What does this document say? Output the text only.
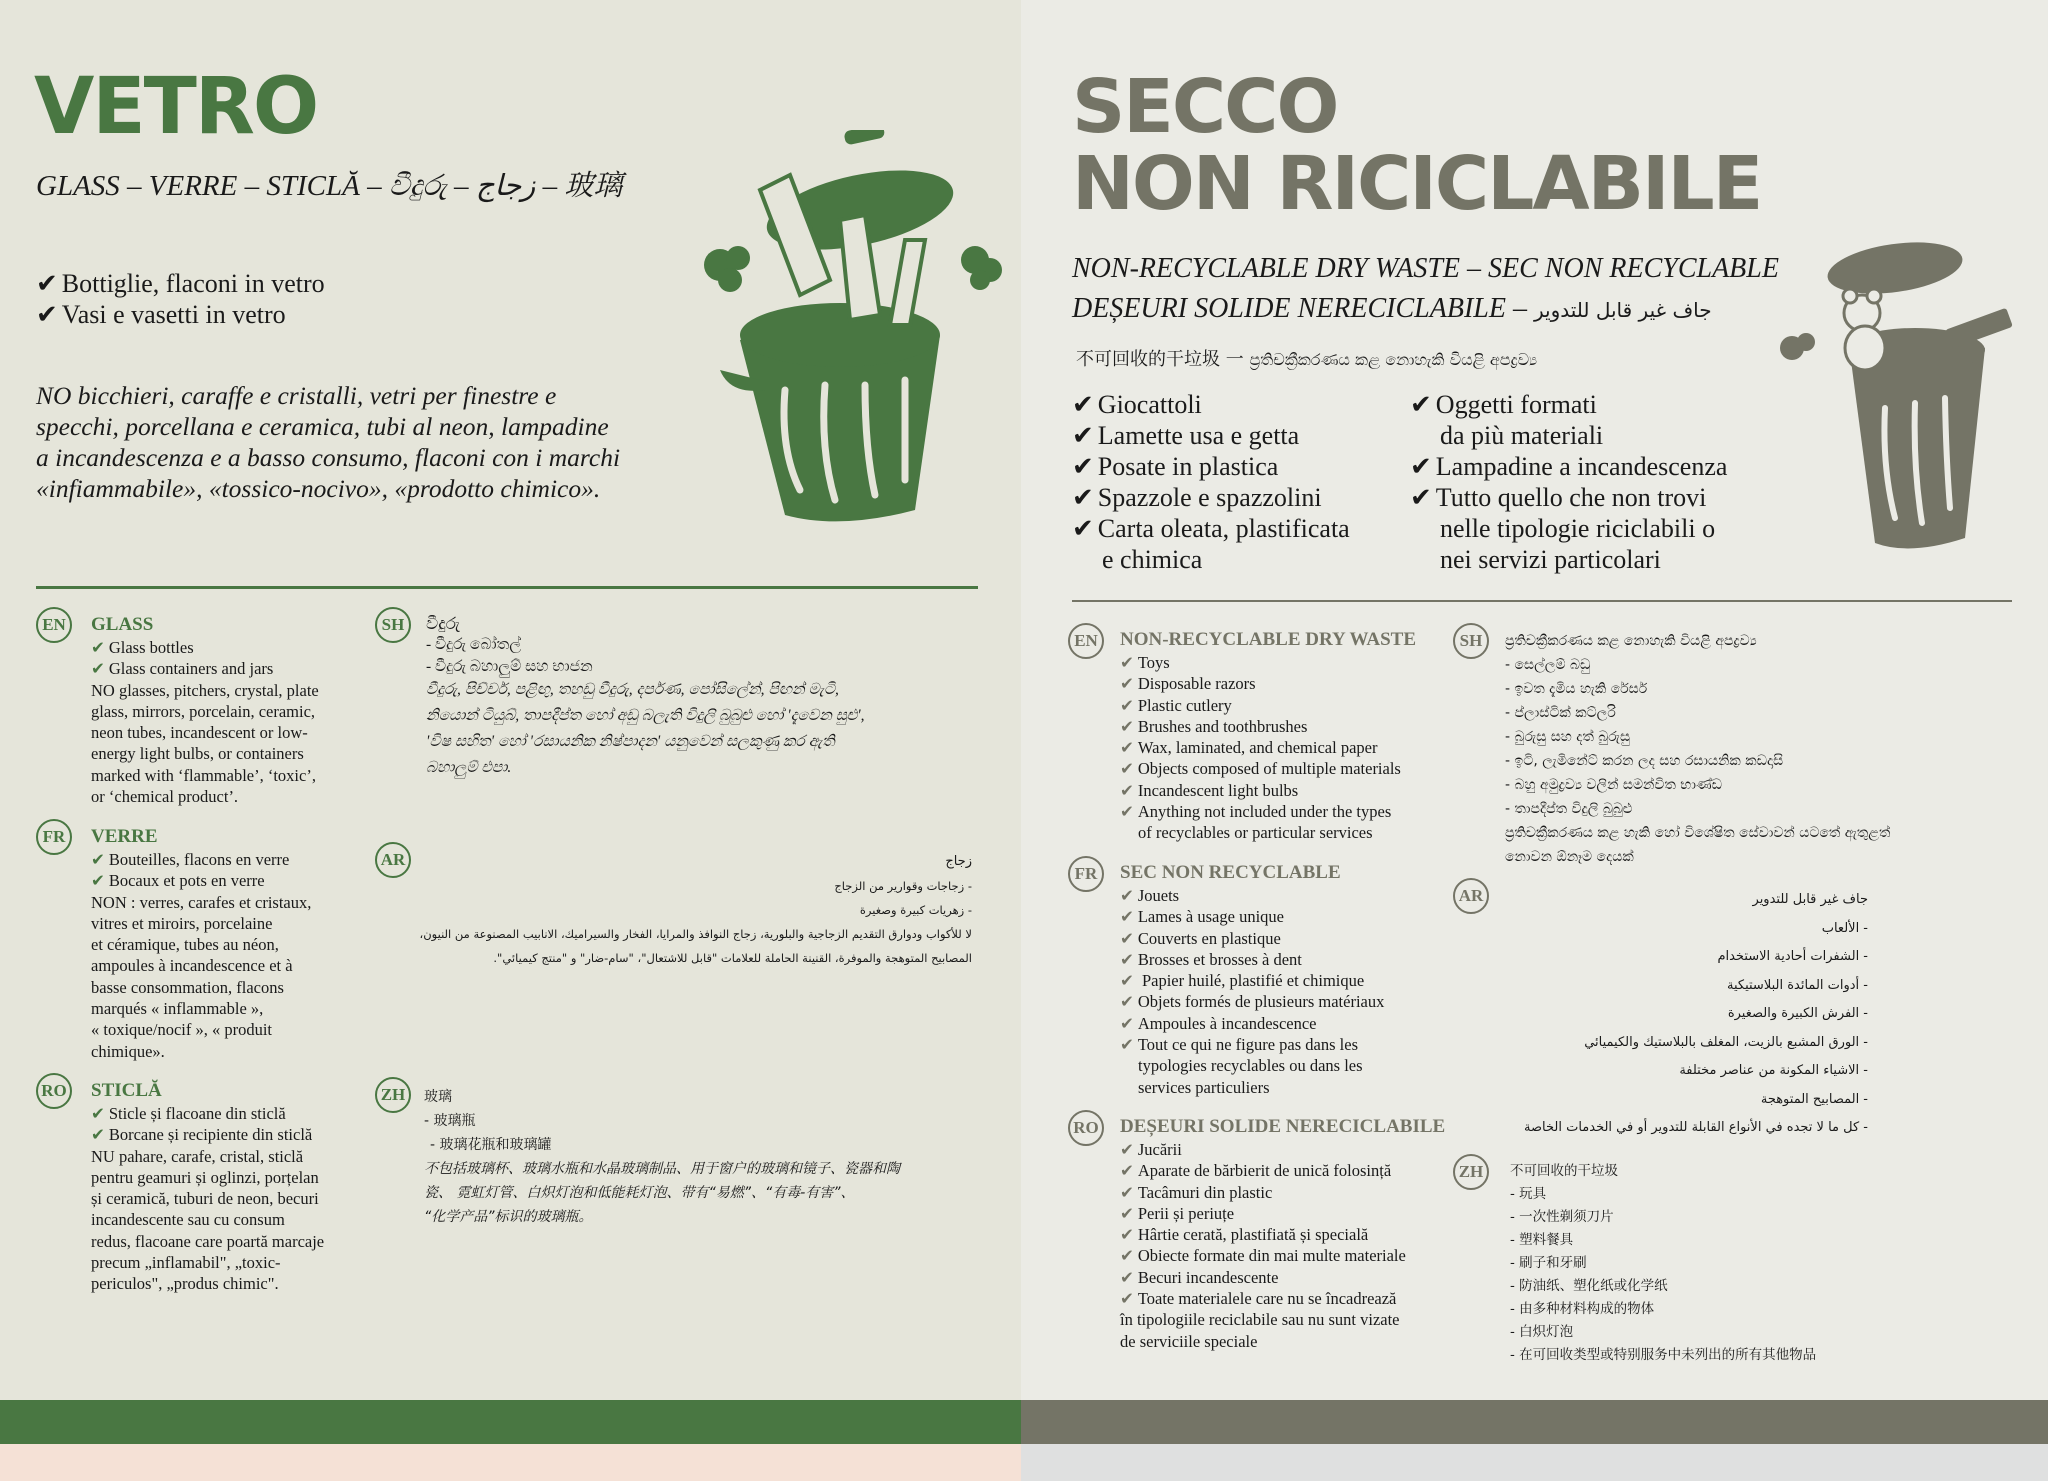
VETRO
GLASS – VERRE – STICLĂ – වීදුරු – زجاج – 玻璃
✔ Bottiglie, flaconi in vetro
✔ Vasi e vasetti in vetro
NO bicchieri, caraffe e cristalli, vetri per finestre e
specchi, porcellana e ceramica, tubi al neon, lampadine
a incandescenza e a basso consumo, flaconi con i marchi
«infiammabile», «tossico-nocivo», «prodotto chimico».
EN	GLASS
✔ Glass bottles
✔ Glass containers and jars
NO glasses, pitchers, crystal, plate
glass, mirrors, porcelain, ceramic,
neon tubes, incandescent or low-
energy light bulbs, or containers
marked with ‘flammable’, ‘toxic’,
or ‘chemical product’.
FR	VERRE
✔ Bouteilles, flacons en verre
✔ Bocaux et pots en verre
NON : verres, carafes et cristaux,
vitres et miroirs, porcelaine
et céramique, tubes au néon,
ampoules à incandescence et à
basse consommation, flacons
marqués « inflammable »,
« toxique/nocif », « produit
chimique».
RO STICLĂ
✔ Sticle și flacoane din sticlă
✔ Borcane și recipiente din sticlă
NU pahare, carafe, cristal, sticlă
pentru geamuri și oglinzi, porțelan
și ceramică, tuburi de neon, becuri
incandescente sau cu consum
redus, flacoane care poartă marcaje
precum „inflamabil", „toxic-
periculos", „produs chimic".
SH	වීදුරු
- වීදුරු බෝතල්
- වීදුරු බහාලුම් සහ භාජන
වීදුරු, පිච්චර්, පළිඟු, තහඩු වීදුරු, දර්පණ, පෝසිලේන්, පිඟන් මැටි,
නියොන් ටියුබ්, තාපදීප්ත හෝ අඩු බලැති විදුලි බුබුළු හෝ 'දැවෙන සුළු',
'විෂ සහිත' හෝ 'රසායනික නිෂ්පාදන' යනුවෙන් සලකුණු කර ඇති
බහාලුම් එපා.
AR	زجاج
- زجاجات وقوارير من الزجاج
- زهريات كبيرة وصغيرة
لا للأكواب ودوارق التقديم الزجاجية والبلورية، زجاج النوافذ والمرايا، الفخار والسيراميك، الانابيب المصنوعة من النيون،
المصابيح المتوهجة والموفرة، القنينة الحاملة للعلامات "قابل للاشتعال"، "سام-ضار" و "منتج كيميائي".
ZH	玻璃
- 玻璃瓶
- 玻璃花瓶和玻璃罐
不包括玻璃杯、玻璃水瓶和水晶玻璃制品、用于窗户的玻璃和镜子、瓷器和陶
瓷、 霓虹灯管、白炽灯泡和低能耗灯泡、带有“易燃”、“有毒-有害”、
“化学产品”标识的玻璃瓶。
SECCO
NON RICICLABILE
NON-RECYCLABLE DRY WASTE – SEC NON RECYCLABLE
DEȘEURI SOLIDE NERECICLABILE – جاف غير قابل للتدوير
不可回收的干垃圾 一 ප්‍රතිචක්‍රීකරණය කළ නොහැකි වියළි අපද්‍රව්‍ය
✔ Giocattoli
✔ Lamette usa e getta
✔ Posate in plastica
✔ Spazzole e spazzolini
✔ Carta oleata, plastificata
e chimica
✔ Oggetti formati
da più materiali
✔ Lampadine a incandescenza
✔ Tutto quello che non trovi
nelle tipologie riciclabili o
nei servizi particolari
EN	NON-RECYCLABLE DRY WASTE
✔ Toys
✔ Disposable razors
✔ Plastic cutlery
✔ Brushes and toothbrushes
✔ Wax, laminated, and chemical paper
✔ Objects composed of multiple materials
✔ Incandescent light bulbs
✔ Anything not included under the types
of recyclables or particular services
FR	SEC NON RECYCLABLE
✔ Jouets
✔ Lames à usage unique
✔ Couverts en plastique
✔ Brosses et brosses à dent
✔ Papier huilé, plastifié et chimique
✔ Objets formés de plusieurs matériaux
✔ Ampoules à incandescence
✔ Tout ce qui ne figure pas dans les
typologies recyclables ou dans les
services particuliers
RO DEȘEURI SOLIDE NERECICLABILE
✔ Jucării
✔ Aparate de bărbierit de unică folosință
✔ Tacâmuri din plastic
✔ Perii și periuțe
✔ Hârtie cerată, plastifiată și specială
✔ Obiecte formate din mai multe materiale
✔ Becuri incandescente
✔ Toate materialele care nu se încadrează
în tipologiile reciclabile sau nu sunt vizate
de serviciile speciale
SH	ප්‍රතිචක්‍රීකරණය කළ නොහැකි වියළි අපද්‍රව්‍ය
- සෙල්ලම් බඩු
- ඉවත දැමිය හැකි රේසර්
- ප්ලාස්ටික් කට්ලරි
- බුරුසු සහ දත් බුරුසු
- ඉටි, ලැමිනේට් කරන ලද සහ රසායනික කඩදාසි
- බහු අමුද්‍රව්‍ය වලින් සමන්විත භාණ්ඩ
- තාපදීප්ත විදුලි බුබුළු
ප්‍රතිචක්‍රීකරණය කළ හැකි හෝ විශේෂිත සේවාවන් යටතේ ඇතුළත්
නොවන ඕනෑම දෙයක්
AR	جاف غير قابل للتدوير
- الألعاب
- الشفرات أحادية الاستخدام
- أدوات المائدة البلاستيكية
- الفرش الكبيرة والصغيرة
- الورق المشبع بالزيت، المغلف بالبلاستيك والكيميائي
- الاشياء المكونة من عناصر مختلفة
- المصابيح المتوهجة
- كل ما لا تجده في الأنواع القابلة للتدوير أو في الخدمات الخاصة
ZH	不可回收的干垃圾
- 玩具
- 一次性剃须刀片
- 塑料餐具
- 刷子和牙刷
- 防油纸、塑化纸或化学纸
- 由多种材料构成的物体
- 白炽灯泡
- 在可回收类型或特别服务中未列出的所有其他物品
